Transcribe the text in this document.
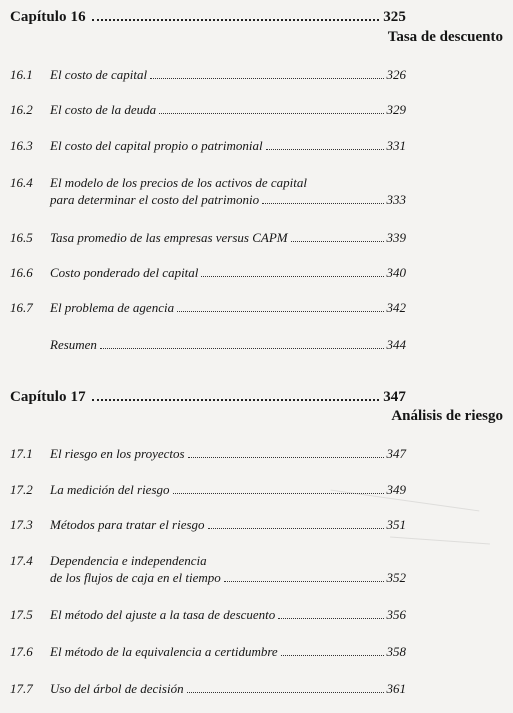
Capítulo 16	325
Tasa de descuento
16.1	El costo de capital	326
16.2	El costo de la deuda	329
16.3	El costo del capital propio o patrimonial	331
16.4	El modelo de los precios de los activos de capital
para determinar el costo del patrimonio	333
16.5	Tasa promedio de las empresas versus CAPM	339
16.6	Costo ponderado del capital	340
16.7	El problema de agencia	342
Resumen	344
Capítulo 17	347
Análisis de riesgo
17.1	El riesgo en los proyectos	347
17.2	La medición del riesgo	349
17.3	Métodos para tratar el riesgo	351
17.4	Dependencia e independencia
de los flujos de caja en el tiempo	352
17.5	El método del ajuste a la tasa de descuento	356
17.6	El método de la equivalencia a certidumbre	358
17.7	Uso del árbol de decisión	361
